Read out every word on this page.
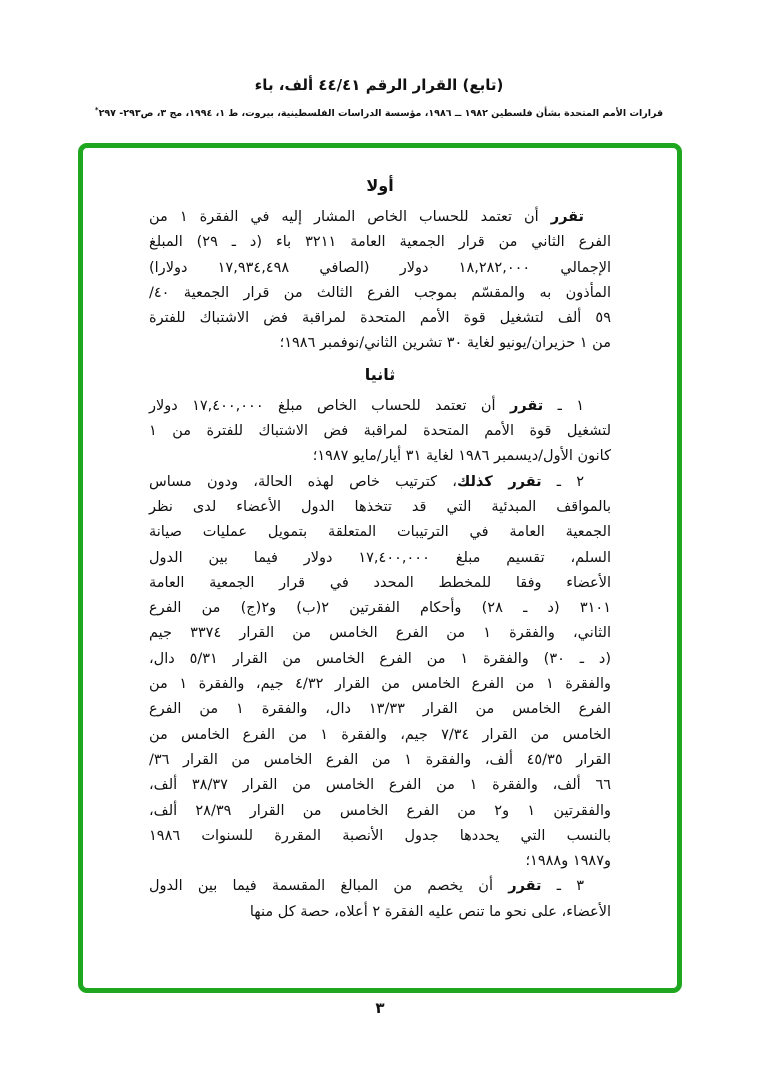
(تابع) القرار الرقم ٤٤/٤١ ألف، باء
قرارات الأمم المتحدة بشأن فلسطين ١٩٨٢ ــ ١٩٨٦، مؤسسة الدراسات الفلسطينية، بيروت، ط ١، ١٩٩٤، مج ٣، ص٢٩٣- ٢٩٧*
أولا
تقرر أن تعتمد للحساب الخاص المشار إليه في الفقرة ١ من
الفرع الثاني من قرار الجمعية العامة ٣٢١١ باء (د ـ ٢٩) المبلغ
الإجمالي ١٨,٢٨٢,٠٠٠ دولار (الصافي ١٧,٩٣٤,٤٩٨ دولارا)
المأذون به والمقسّم بموجب الفرع الثالث من قرار الجمعية ٤٠/
٥٩ ألف لتشغيل قوة الأمم المتحدة لمراقبة فض الاشتباك للفترة
من ١ حزيران/يونيو لغاية ٣٠ تشرين الثاني/نوفمبر ١٩٨٦؛
ثانيا
١ ـ تقرر أن تعتمد للحساب الخاص مبلغ ١٧,٤٠٠,٠٠٠ دولار
لتشغيل قوة الأمم المتحدة لمراقبة فض الاشتباك للفترة من ١
كانون الأول/ديسمبر ١٩٨٦ لغاية ٣١ أيار/مايو ١٩٨٧؛
٢ ـ تقرر كذلك، كترتيب خاص لهذه الحالة، ودون مساس
بالمواقف المبدئية التي قد تتخذها الدول الأعضاء لدى نظر
الجمعية العامة في الترتيبات المتعلقة بتمويل عمليات صيانة
السلم، تقسيم مبلغ ١٧,٤٠٠,٠٠٠ دولار فيما بين الدول
الأعضاء وفقا للمخطط المحدد في قرار الجمعية العامة
٣١٠١ (د ـ ٢٨) وأحكام الفقرتين ٢(ب) و٢(ج) من الفرع
الثاني، والفقرة ١ من الفرع الخامس من القرار ٣٣٧٤ جيم
(د ـ ٣٠) والفقرة ١ من الفرع الخامس من القرار ٥/٣١ دال،
والفقرة ١ من الفرع الخامس من القرار ٤/٣٢ جيم، والفقرة ١ من
الفرع الخامس من القرار ١٣/٣٣ دال، والفقرة ١ من الفرع
الخامس من القرار ٧/٣٤ جيم، والفقرة ١ من الفرع الخامس من
القرار ٤٥/٣٥ ألف، والفقرة ١ من الفرع الخامس من القرار ٣٦/
٦٦ ألف، والفقرة ١ من الفرع الخامس من القرار ٣٨/٣٧ ألف،
والفقرتين ١ و٢ من الفرع الخامس من القرار ٢٨/٣٩ ألف،
بالنسب التي يحددها جدول الأنصبة المقررة للسنوات ١٩٨٦
و١٩٨٧ و١٩٨٨؛
٣ ـ تقرر أن يخصم من المبالغ المقسمة فيما بين الدول
الأعضاء، على نحو ما تنص عليه الفقرة ٢ أعلاه، حصة كل منها
٣
